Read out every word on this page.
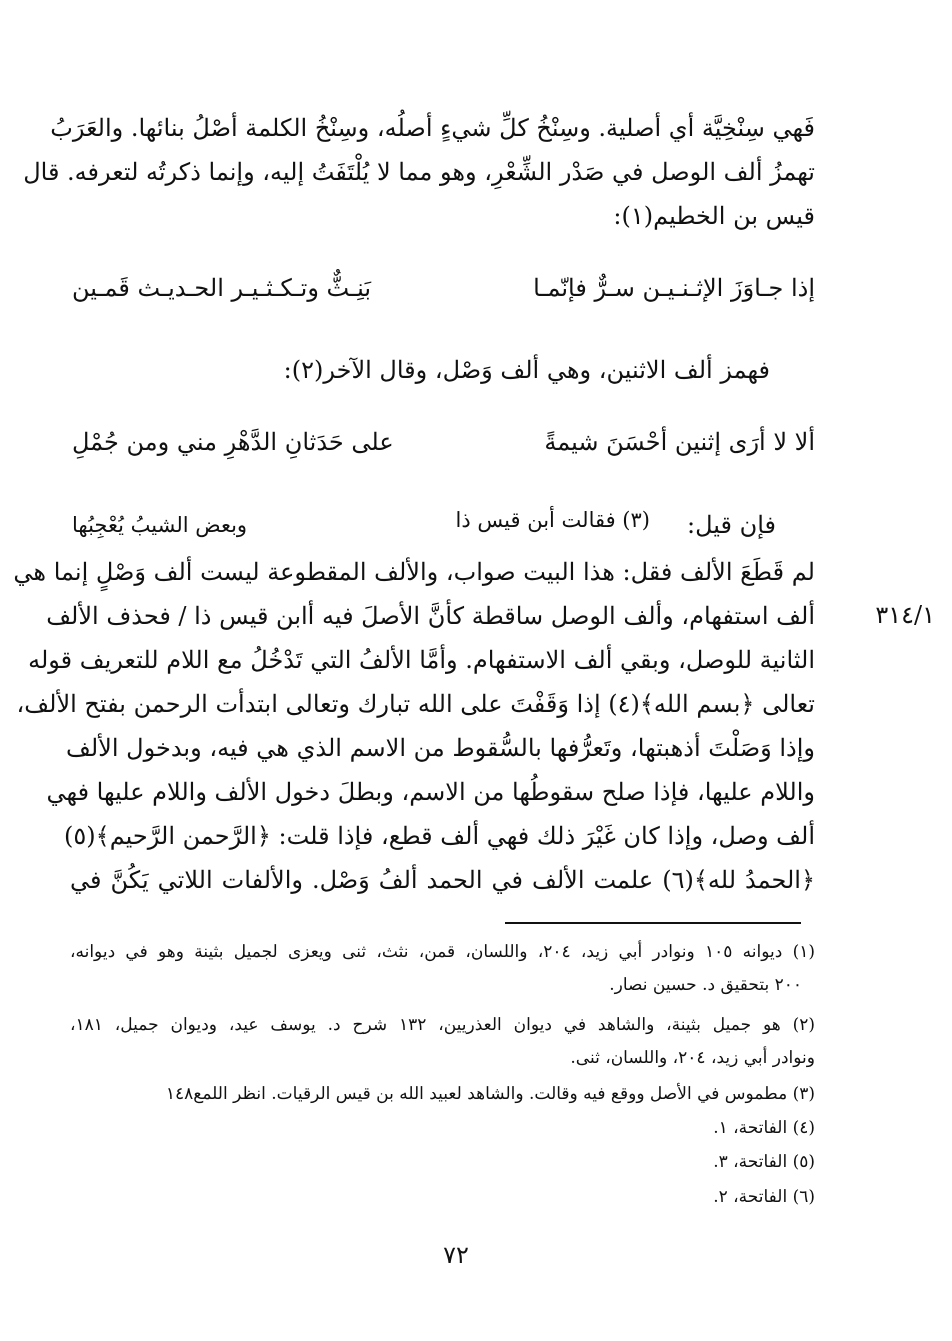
فَهي سِنْخِيَّة أي أصلية. وسِنْخُ كلِّ شيءٍ أصلُه، وسِنْخُ الكلمة أصْلُ بنائها. والعَرَبُ
تهمزُ ألف الوصل في صَدْر الشِّعْرِ، وهو مما لا يُلْتَفَتُ إليه، وإنما ذكرتُه لتعرفه. قال
قيس بن الخطيم(١):
إذا جـاوَزَ الإثـنـيـن سـرٌّ فإنّمـا
بَنِـثٌّ وتـكـثـيـر الحـديـث قَمـين
فهمز ألف الاثنين، وهي ألف وَصْل، وقال الآخر(٢):
ألا لا أرَى إثنين أحْسَنَ شيمةً
على حَدَثانِ الدَّهْرِ مني ومن جُمْلِ
فإن قيل:
(٣) فقالت أبن قيس ذا
وبعض الشيبُ يُعْجِبُها
لم قَطَعَ الألف فقل: هذا البيت صواب، والألف المقطوعة ليست ألف وَصْلٍ إنما هي
ألف استفهام، وألف الوصل ساقطة كأنَّ الأصلَ فيه أابن قيس ذا / فحذف الألف
الثانية للوصل، وبقي ألف الاستفهام. وأمَّا الألفُ التي تَدْخُلُ مع اللام للتعريف قوله
تعالى ﴿بسم الله﴾(٤) إذا وَقَفْتَ على الله تبارك وتعالى ابتدأت الرحمن بفتح الألف،
وإذا وَصَلْتَ أذهبتها، وتَعرُّفها بالسُّقوط من الاسم الذي هي فيه، وبدخول الألف
واللام عليها، فإذا صلح سقوطُها من الاسم، وبطلَ دخول الألف واللام عليها فهي
ألف وصل، وإذا كان غَيْرَ ذلك فهي ألف قطع، فإذا قلت: ﴿الرَّحمن الرَّحيم﴾(٥)
﴿الحمدُ لله﴾(٦) علمت الألف في الحمد ألفُ وَصْل. والألفات اللاتي يَكُنَّ في
٣١٤/١
(١) ديوانه ١٠٥ ونوادر أبي زيد، ٢٠٤، واللسان، قمن، نثث، ثنى ويعزى لجميل بثينة وهو في ديوانه،
٢٠٠ بتحقيق د. حسين نصار.
(٢) هو جميل بثينة، والشاهد في ديوان العذريين، ١٣٢ شرح د. يوسف عيد، وديوان جميل، ١٨١،
ونوادر أبي زيد، ٢٠٤، واللسان، ثنى.
(٣) مطموس في الأصل ووقع فيه وقالت. والشاهد لعبيد الله بن قيس الرقيات. انظر اللمع١٤٨
(٤) الفاتحة، ١.
(٥) الفاتحة، ٣.
(٦) الفاتحة، ٢.
٧٢
